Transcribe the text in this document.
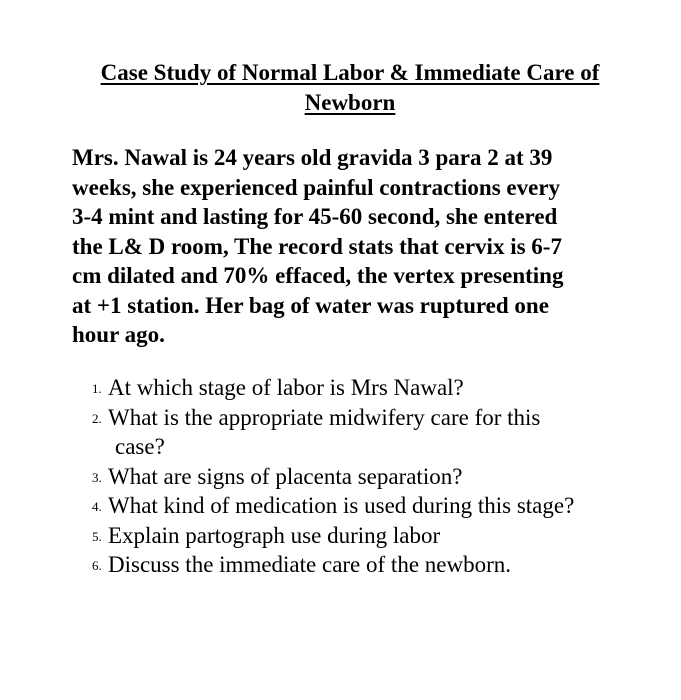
Case Study of Normal Labor & Immediate Care of
Newborn
Mrs. Nawal is 24 years old gravida 3 para 2 at 39
weeks, she experienced painful contractions every
3-4 mint and lasting for 45-60 second, she entered
the L& D room, The record stats that cervix is 6-7
cm dilated and 70% effaced, the vertex presenting
at +1 station. Her bag of water was ruptured one
hour ago.
1. At which stage of labor is Mrs Nawal?
2. What is the appropriate midwifery care for this
case?
3. What are signs of placenta separation?
4. What kind of medication is used during this stage?
5. Explain partograph use during labor
6. Discuss the immediate care of the newborn.
